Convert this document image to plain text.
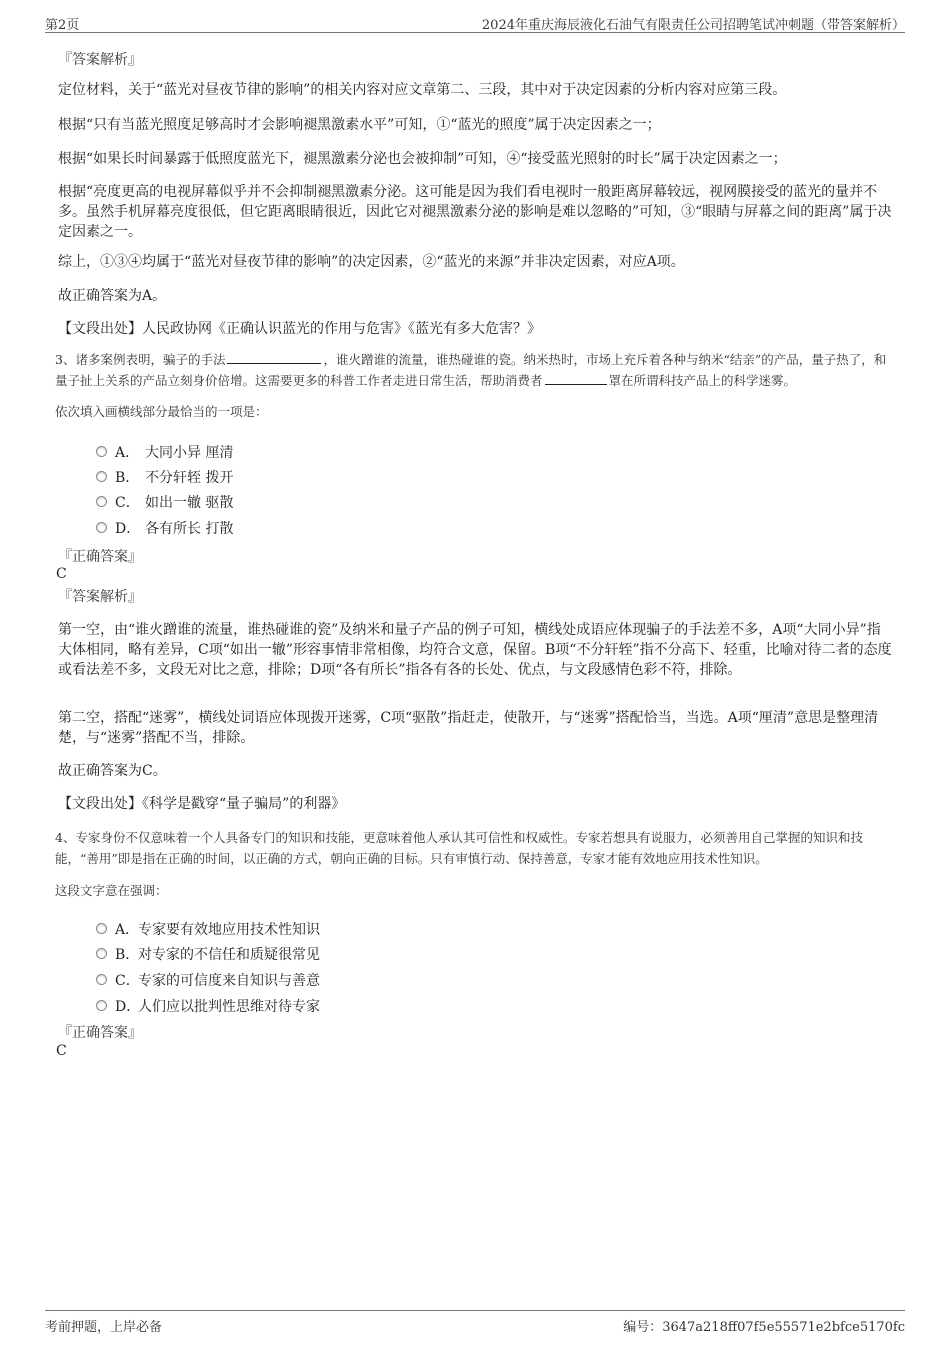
第2页	2024年重庆海辰液化石油气有限责任公司招聘笔试冲刺题（带答案解析）
『答案解析』
定位材料，关于“蓝光对昼夜节律的影响”的相关内容对应文章第二、三段，其中对于决定因素的分析内容对应第三段。
根据“只有当蓝光照度足够高时才会影响褪黑激素水平”可知，①“蓝光的照度”属于决定因素之一；
根据“如果长时间暴露于低照度蓝光下，褪黑激素分泌也会被抑制”可知，④“接受蓝光照射的时长”属于决定因素之一；
根据“亮度更高的电视屏幕似乎并不会抑制褪黑激素分泌。这可能是因为我们看电视时一般距离屏幕较远，视网膜接受的蓝光的量并不多。虽然手机屏幕亮度很低，但它距离眼睛很近，因此它对褪黑激素分泌的影响是难以忽略的”可知，③“眼睛与屏幕之间的距离”属于决定因素之一。
综上，①③④均属于“蓝光对昼夜节律的影响”的决定因素，②“蓝光的来源”并非决定因素，对应A项。
故正确答案为A。
【文段出处】人民政协网《正确认识蓝光的作用与危害》《蓝光有多大危害？》
3、诸多案例表明，骗子的手法	，谁火蹭谁的流量，谁热碰谁的瓷。纳米热时，市场上充斥着各种与纳米“结亲”的产品，量子热了，和量子扯上关系的产品立刻身价倍增。这需要更多的科普工作者走进日常生活，帮助消费者	罩在所谓科技产品上的科学迷雾。
依次填入画横线部分最恰当的一项是：
A． 大同小异 厘清
B． 不分轩轾 拨开
C． 如出一辙 驱散
D． 各有所长 打散
『正确答案』
C
『答案解析』
第一空，由“谁火蹭谁的流量，谁热碰谁的瓷”及纳米和量子产品的例子可知，横线处成语应体现骗子的手法差不多，A项“大同小异”指大体相同，略有差异，C项“如出一辙”形容事情非常相像，均符合文意，保留。B项“不分轩轾”指不分高下、轻重，比喻对待二者的态度或看法差不多，文段无对比之意，排除；D项“各有所长”指各有各的长处、优点，与文段感情色彩不符，排除。
第二空，搭配“迷雾”，横线处词语应体现拨开迷雾，C项“驱散”指赶走，使散开，与“迷雾”搭配恰当，当选。A项“厘清”意思是整理清楚，与“迷雾”搭配不当，排除。
故正确答案为C。
【文段出处】《科学是戳穿“量子骗局”的利器》
4、专家身份不仅意味着一个人具备专门的知识和技能，更意味着他人承认其可信性和权威性。专家若想具有说服力，必须善用自己掌握的知识和技能，“善用”即是指在正确的时间，以正确的方式，朝向正确的目标。只有审慎行动、保持善意，专家才能有效地应用技术性知识。
这段文字意在强调：
A．
专家要有效地应用技术性知识
B．
对专家的不信任和质疑很常见
C．
专家的可信度来自知识与善意
D．
人们应以批判性思维对待专家
『正确答案』
C
考前押题，上岸必备	编号：3647a218ff07f5e55571e2bfce5170fc
